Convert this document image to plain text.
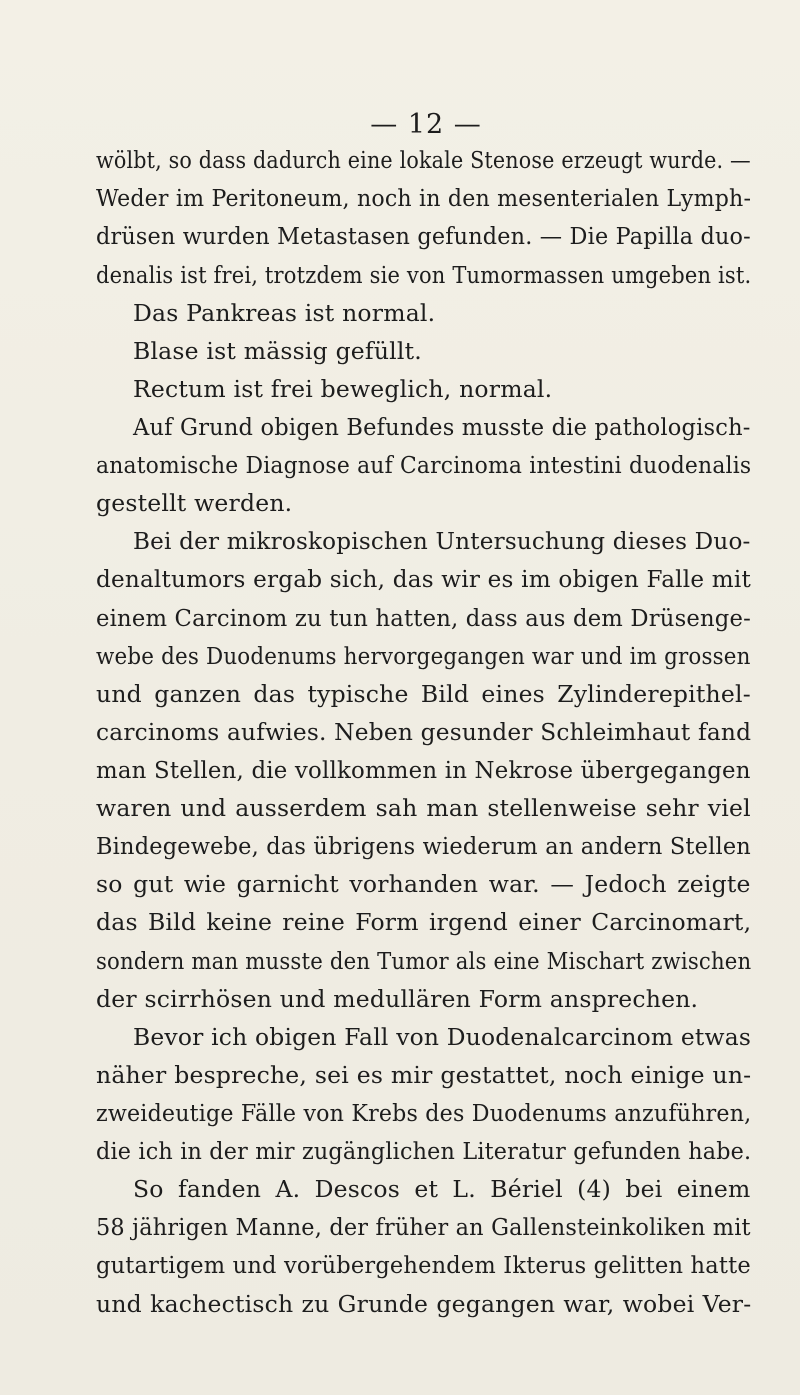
— 12 —
wölbt, so dass dadurch eine lokale Stenose erzeugt wurde. —
Weder im Peritoneum, noch in den mesenterialen Lymph-
drüsen wurden Metastasen gefunden. — Die Papilla duo-
denalis ist frei, trotzdem sie von Tumormassen umgeben ist.
Das Pankreas ist normal.
Blase ist mässig gefüllt.
Rectum ist frei beweglich, normal.
Auf Grund obigen Befundes musste die pathologisch-
anatomische Diagnose auf Carcinoma intestini duodenalis
gestellt werden.
Bei der mikroskopischen Untersuchung dieses Duo-
denaltumors ergab sich, das wir es im obigen Falle mit
einem Carcinom zu tun hatten, dass aus dem Drüsenge-
webe des Duodenums hervorgegangen war und im grossen
und ganzen das typische Bild eines Zylinderepithel-
carcinoms aufwies. Neben gesunder Schleimhaut fand
man Stellen, die vollkommen in Nekrose übergegangen
waren und ausserdem sah man stellenweise sehr viel
Bindegewebe, das übrigens wiederum an andern Stellen
so gut wie garnicht vorhanden war. — Jedoch zeigte
das Bild keine reine Form irgend einer Carcinomart,
sondern man musste den Tumor als eine Mischart zwischen
der scirrhösen und medullären Form ansprechen.
Bevor ich obigen Fall von Duodenalcarcinom etwas
näher bespreche, sei es mir gestattet, noch einige un-
zweideutige Fälle von Krebs des Duodenums anzuführen,
die ich in der mir zugänglichen Literatur gefunden habe.
So fanden A. Descos et L. Bériel (4) bei einem
58 jährigen Manne, der früher an Gallensteinkoliken mit
gutartigem und vorübergehendem Ikterus gelitten hatte
und kachectisch zu Grunde gegangen war, wobei Ver-
